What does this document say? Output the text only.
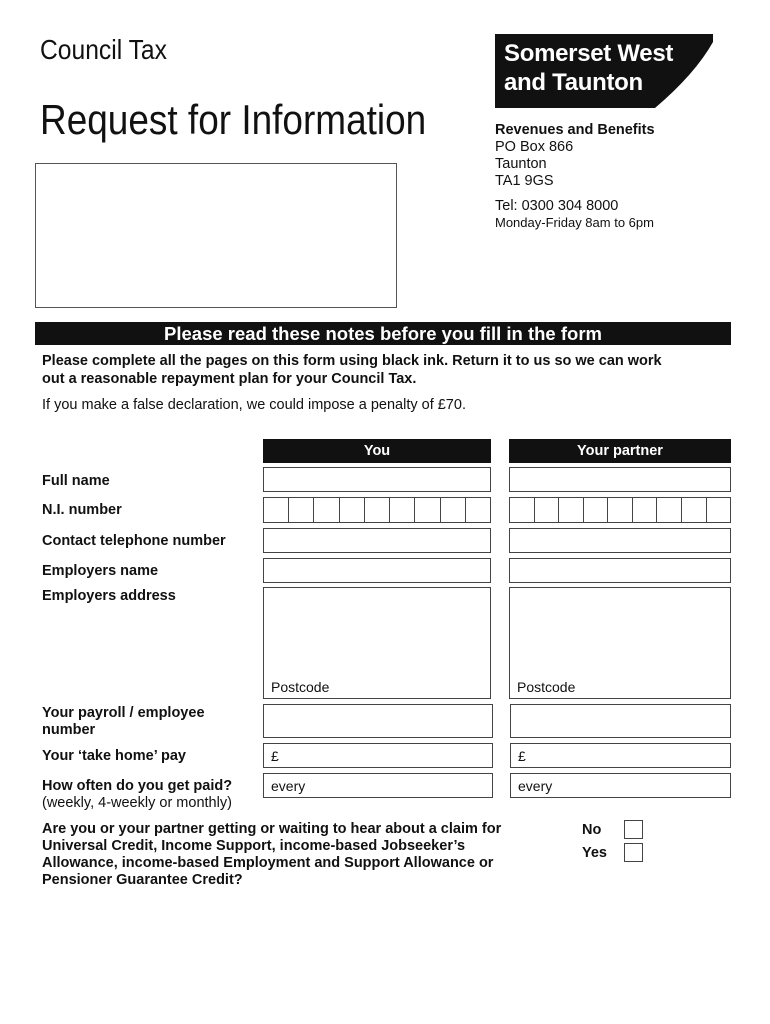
Council Tax
Request for Information
Somerset West
and Taunton
Revenues and Benefits
PO Box 866
Taunton
TA1 9GS
Tel: 0300 304 8000
Monday-Friday 8am to 6pm
Please read these notes before you fill in the form
Please complete all the pages on this form using black ink. Return it to us so we can work
out a reasonable repayment plan for your Council Tax.
If you make a false declaration, we could impose a penalty of £70.
You	Your partner
Full name
N.I. number
Contact telephone number
Employers name
Employers address
Your payroll / employee
number
Your ‘take home’ pay
How often do you get paid?
(weekly, 4-weekly or monthly)
Postcode
£
every
Postcode
£
every
Are you or your partner getting or waiting to hear about a claim for
Universal Credit, Income Support, income-based Jobseeker’s
Allowance, income-based Employment and Support Allowance or
Pensioner Guarantee Credit?
No
Yes
